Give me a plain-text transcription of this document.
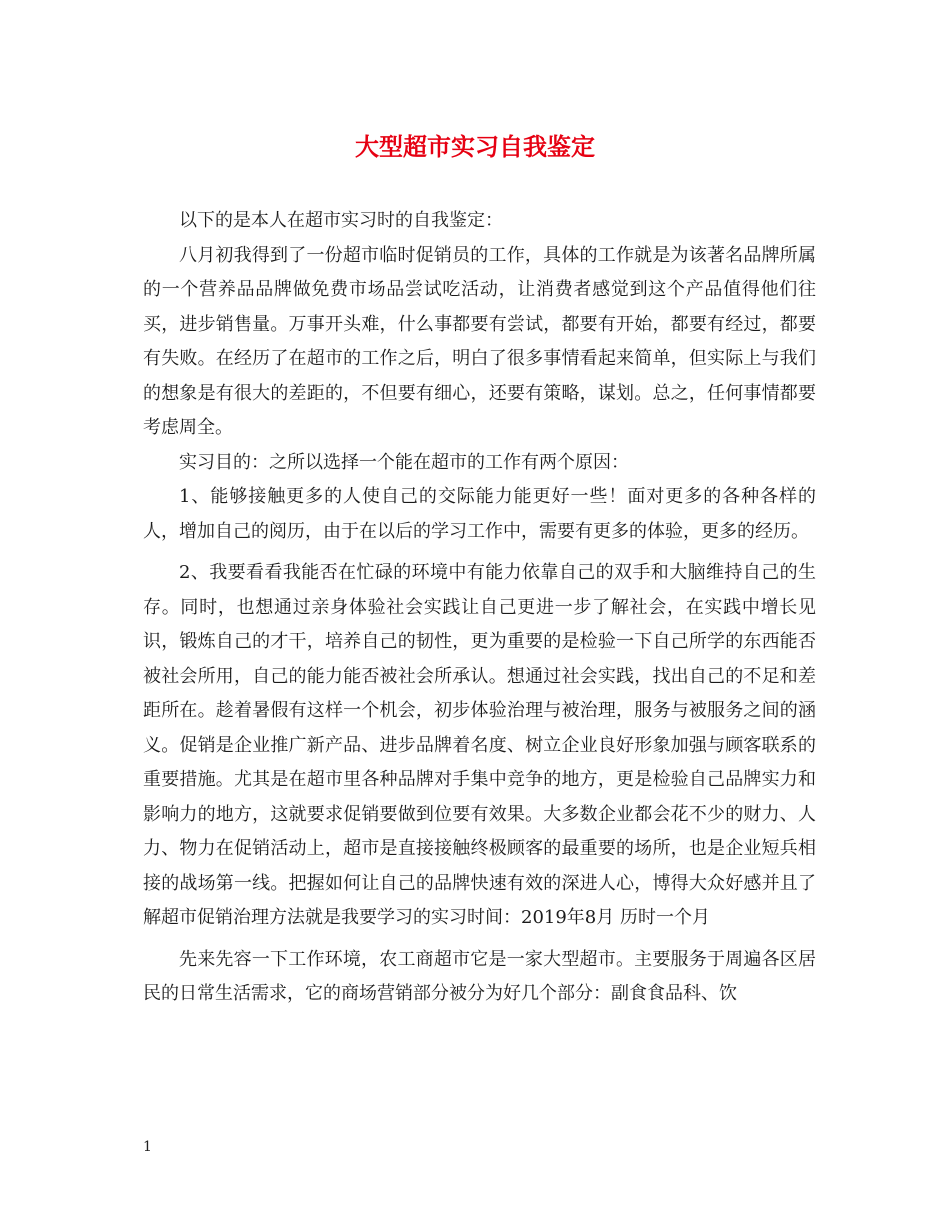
大型超市实习自我鉴定

以下的是本人在超市实习时的自我鉴定：

八月初我得到了一份超市临时促销员的工作，具体的工作就是为该著名品牌所属的一个营养品品牌做免费市场品尝试吃活动，让消费者感觉到这个产品值得他们往买，进步销售量。万事开头难，什么事都要有尝试，都要有开始，都要有经过，都要有失败。在经历了在超市的工作之后，明白了很多事情看起来简单，但实际上与我们的想象是有很大的差距的，不但要有细心，还要有策略，谋划。总之，任何事情都要考虑周全。

实习目的：之所以选择一个能在超市的工作有两个原因：

1、能够接触更多的人使自己的交际能力能更好一些！面对更多的各种各样的人，增加自己的阅历，由于在以后的学习工作中，需要有更多的体验，更多的经历。

2、我要看看我能否在忙碌的环境中有能力依靠自己的双手和大脑维持自己的生存。同时，也想通过亲身体验社会实践让自己更进一步了解社会，在实践中增长见识，锻炼自己的才干，培养自己的韧性，更为重要的是检验一下自己所学的东西能否被社会所用，自己的能力能否被社会所承认。想通过社会实践，找出自己的不足和差距所在。趁着暑假有这样一个机会，初步体验治理与被治理，服务与被服务之间的涵义。促销是企业推广新产品、进步品牌着名度、树立企业良好形象加强与顾客联系的重要措施。尤其是在超市里各种品牌对手集中竞争的地方，更是检验自己品牌实力和影响力的地方，这就要求促销要做到位要有效果。大多数企业都会花不少的财力、人力、物力在促销活动上，超市是直接接触终极顾客的最重要的场所，也是企业短兵相接的战场第一线。把握如何让自己的品牌快速有效的深进人心，博得大众好感并且了解超市促销治理方法就是我要学习的实习时间：2019年8月 历时一个月

先来先容一下工作环境，农工商超市它是一家大型超市。主要服务于周遍各区居民的日常生活需求，它的商场营销部分被分为好几个部分：副食食品科、饮

1
